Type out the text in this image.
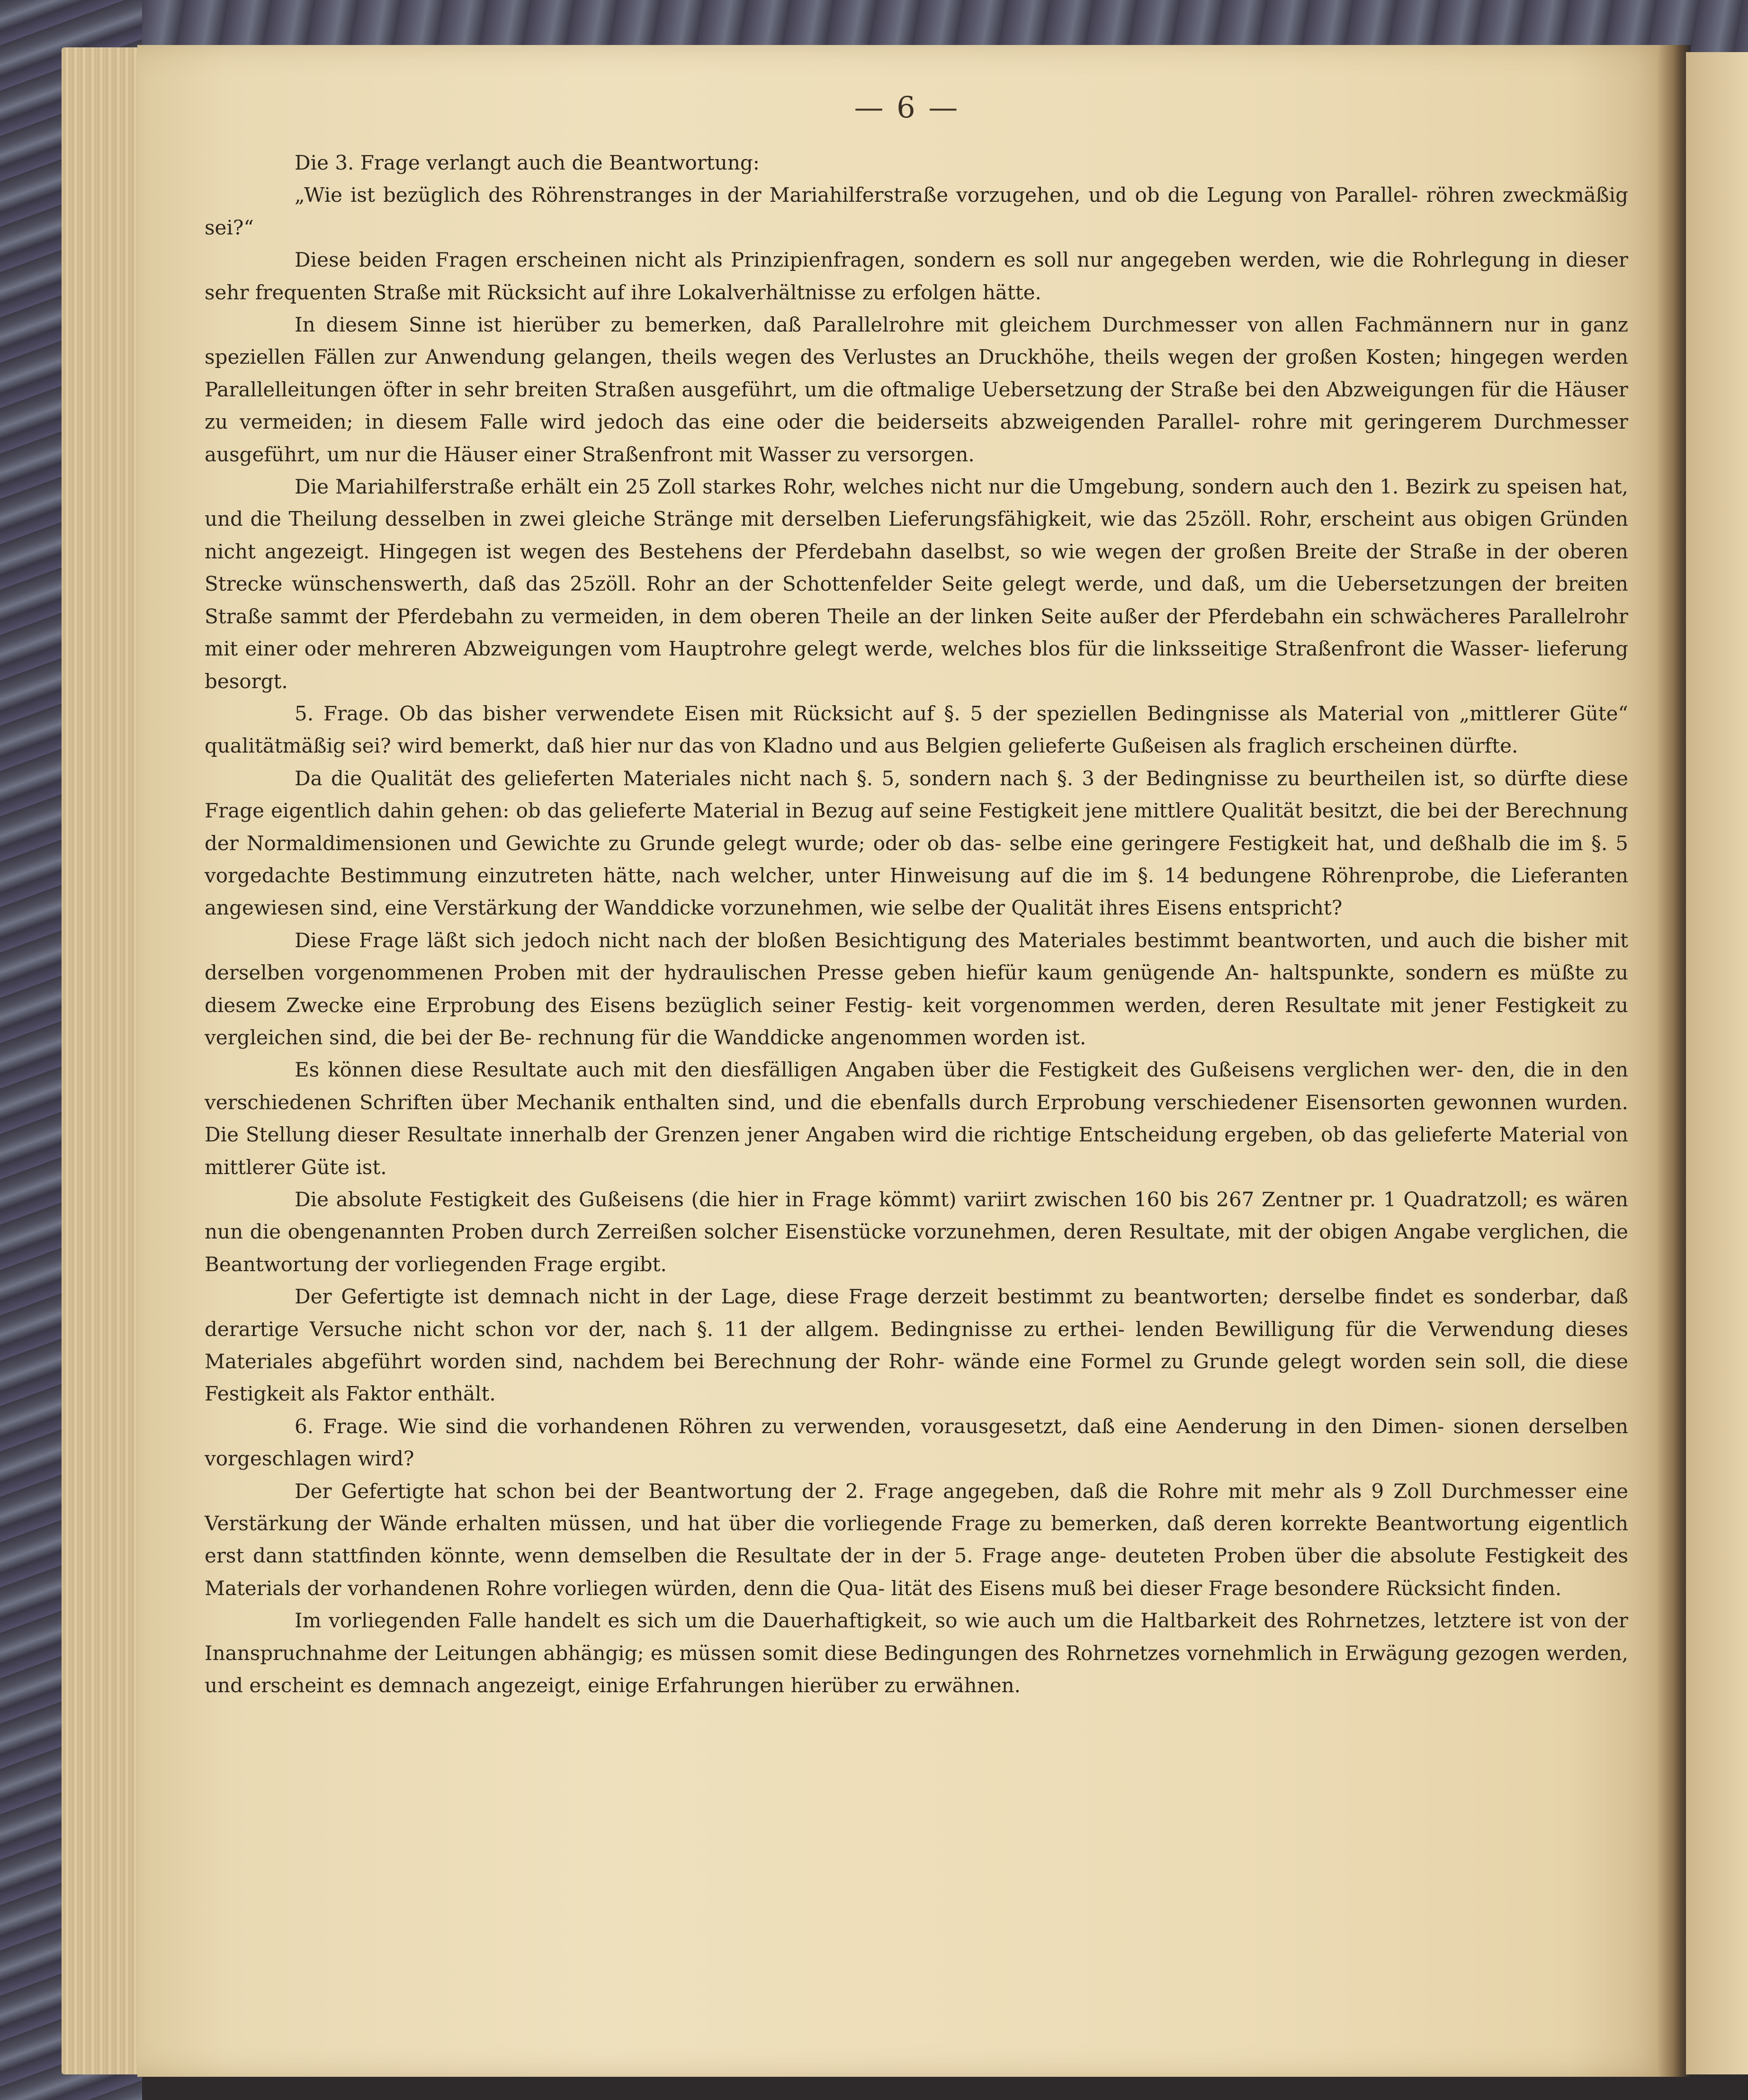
— 6 —

Die 3. Frage verlangt auch die Beantwortung:

„Wie ist bezüglich des Röhrenstranges in der Mariahilferstraße vorzugehen, und ob die Legung von Parallel- röhren zweckmäßig sei?“

Diese beiden Fragen erscheinen nicht als Prinzipienfragen, sondern es soll nur angegeben werden, wie die Rohrlegung in dieser sehr frequenten Straße mit Rücksicht auf ihre Lokalverhältnisse zu erfolgen hätte.

In diesem Sinne ist hierüber zu bemerken, daß Parallelrohre mit gleichem Durchmesser von allen Fachmännern nur in ganz speziellen Fällen zur Anwendung gelangen, theils wegen des Verlustes an Druckhöhe, theils wegen der großen Kosten; hingegen werden Parallelleitungen öfter in sehr breiten Straßen ausgeführt, um die oftmalige Uebersetzung der Straße bei den Abzweigungen für die Häuser zu vermeiden; in diesem Falle wird jedoch das eine oder die beiderseits abzweigenden Parallel- rohre mit geringerem Durchmesser ausgeführt, um nur die Häuser einer Straßenfront mit Wasser zu versorgen.

Die Mariahilferstraße erhält ein 25 Zoll starkes Rohr, welches nicht nur die Umgebung, sondern auch den 1. Bezirk zu speisen hat, und die Theilung desselben in zwei gleiche Stränge mit derselben Lieferungsfähigkeit, wie das 25zöll. Rohr, erscheint aus obigen Gründen nicht angezeigt. Hingegen ist wegen des Bestehens der Pferdebahn daselbst, so wie wegen der großen Breite der Straße in der oberen Strecke wünschenswerth, daß das 25zöll. Rohr an der Schottenfelder Seite gelegt werde, und daß, um die Uebersetzungen der breiten Straße sammt der Pferdebahn zu vermeiden, in dem oberen Theile an der linken Seite außer der Pferdebahn ein schwächeres Parallelrohr mit einer oder mehreren Abzweigungen vom Hauptrohre gelegt werde, welches blos für die linksseitige Straßenfront die Wasser- lieferung besorgt.

5. Frage. Ob das bisher verwendete Eisen mit Rücksicht auf §. 5 der speziellen Bedingnisse als Material von „mittlerer Güte“ qualitätmäßig sei? wird bemerkt, daß hier nur das von Kladno und aus Belgien gelieferte Gußeisen als fraglich erscheinen dürfte.

Da die Qualität des gelieferten Materiales nicht nach §. 5, sondern nach §. 3 der Bedingnisse zu beurtheilen ist, so dürfte diese Frage eigentlich dahin gehen: ob das gelieferte Material in Bezug auf seine Festigkeit jene mittlere Qualität besitzt, die bei der Berechnung der Normaldimensionen und Gewichte zu Grunde gelegt wurde; oder ob das- selbe eine geringere Festigkeit hat, und deßhalb die im §. 5 vorgedachte Bestimmung einzutreten hätte, nach welcher, unter Hinweisung auf die im §. 14 bedungene Röhrenprobe, die Lieferanten angewiesen sind, eine Verstärkung der Wanddicke vorzunehmen, wie selbe der Qualität ihres Eisens entspricht?

Diese Frage läßt sich jedoch nicht nach der bloßen Besichtigung des Materiales bestimmt beantworten, und auch die bisher mit derselben vorgenommenen Proben mit der hydraulischen Presse geben hiefür kaum genügende An- haltspunkte, sondern es müßte zu diesem Zwecke eine Erprobung des Eisens bezüglich seiner Festig- keit vorgenommen werden, deren Resultate mit jener Festigkeit zu vergleichen sind, die bei der Be- rechnung für die Wanddicke angenommen worden ist.

Es können diese Resultate auch mit den diesfälligen Angaben über die Festigkeit des Gußeisens verglichen wer- den, die in den verschiedenen Schriften über Mechanik enthalten sind, und die ebenfalls durch Erprobung verschiedener Eisensorten gewonnen wurden. Die Stellung dieser Resultate innerhalb der Grenzen jener Angaben wird die richtige Entscheidung ergeben, ob das gelieferte Material von mittlerer Güte ist.

Die absolute Festigkeit des Gußeisens (die hier in Frage kömmt) variirt zwischen 160 bis 267 Zentner pr. 1 Quadratzoll; es wären nun die obengenannten Proben durch Zerreißen solcher Eisenstücke vorzunehmen, deren Resultate, mit der obigen Angabe verglichen, die Beantwortung der vorliegenden Frage ergibt.

Der Gefertigte ist demnach nicht in der Lage, diese Frage derzeit bestimmt zu beantworten; derselbe findet es sonderbar, daß derartige Versuche nicht schon vor der, nach §. 11 der allgem. Bedingnisse zu erthei- lenden Bewilligung für die Verwendung dieses Materiales abgeführt worden sind, nachdem bei Berechnung der Rohr- wände eine Formel zu Grunde gelegt worden sein soll, die diese Festigkeit als Faktor enthält.

6. Frage. Wie sind die vorhandenen Röhren zu verwenden, vorausgesetzt, daß eine Aenderung in den Dimen- sionen derselben vorgeschlagen wird?

Der Gefertigte hat schon bei der Beantwortung der 2. Frage angegeben, daß die Rohre mit mehr als 9 Zoll Durchmesser eine Verstärkung der Wände erhalten müssen, und hat über die vorliegende Frage zu bemerken, daß deren korrekte Beantwortung eigentlich erst dann stattfinden könnte, wenn demselben die Resultate der in der 5. Frage ange- deuteten Proben über die absolute Festigkeit des Materials der vorhandenen Rohre vorliegen würden, denn die Qua- lität des Eisens muß bei dieser Frage besondere Rücksicht finden.

Im vorliegenden Falle handelt es sich um die Dauerhaftigkeit, so wie auch um die Haltbarkeit des Rohrnetzes, letztere ist von der Inanspruchnahme der Leitungen abhängig; es müssen somit diese Bedingungen des Rohrnetzes vornehmlich in Erwägung gezogen werden, und erscheint es demnach angezeigt, einige Erfahrungen hierüber zu erwähnen.
